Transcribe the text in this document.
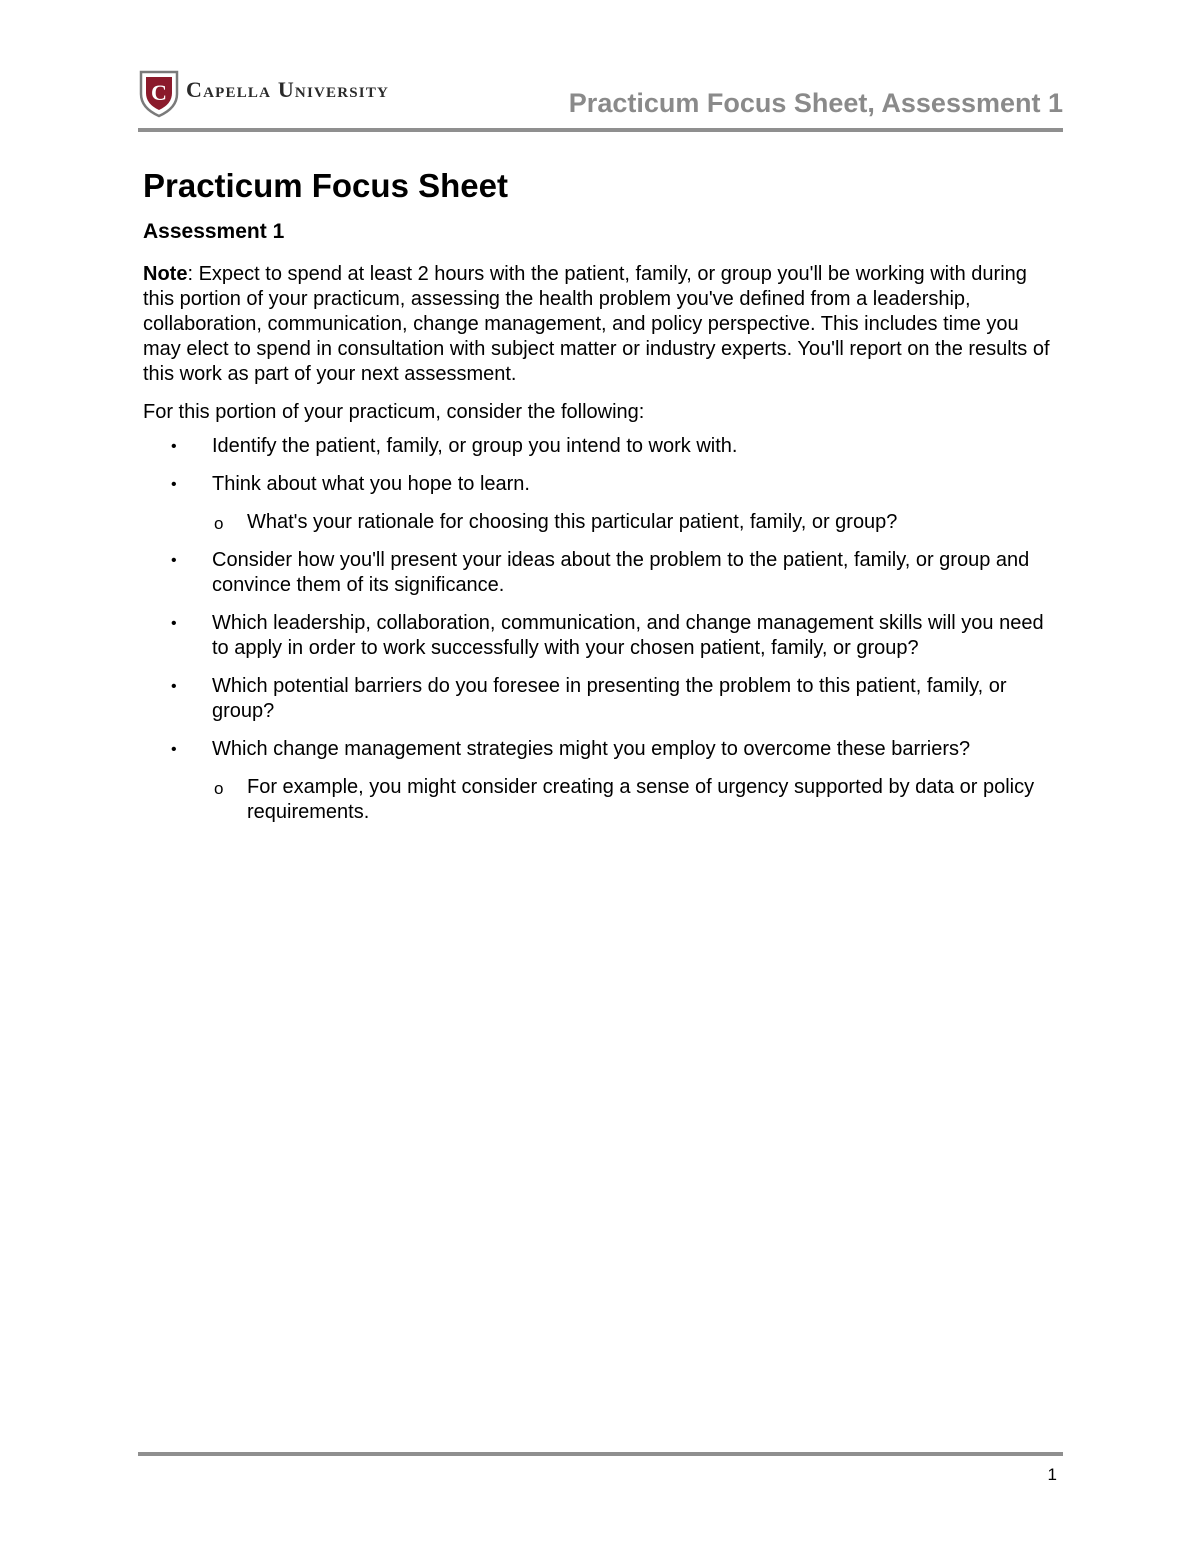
C Capella University	Practicum Focus Sheet, Assessment 1
Practicum Focus Sheet
Assessment 1

Note: Expect to spend at least 2 hours with the patient, family, or group you'll be working with during this portion of your practicum, assessing the health problem you've defined from a leadership, collaboration, communication, change management, and policy perspective. This includes time you may elect to spend in consultation with subject matter or industry experts. You'll report on the results of this work as part of your next assessment.

For this portion of your practicum, consider the following:

• Identify the patient, family, or group you intend to work with.
• Think about what you hope to learn.
o What's your rationale for choosing this particular patient, family, or group?
• Consider how you'll present your ideas about the problem to the patient, family, or group and convince them of its significance.
• Which leadership, collaboration, communication, and change management skills will you need to apply in order to work successfully with your chosen patient, family, or group?
• Which potential barriers do you foresee in presenting the problem to this patient, family, or group?
• Which change management strategies might you employ to overcome these barriers?
o For example, you might consider creating a sense of urgency supported by data or policy requirements.
1
